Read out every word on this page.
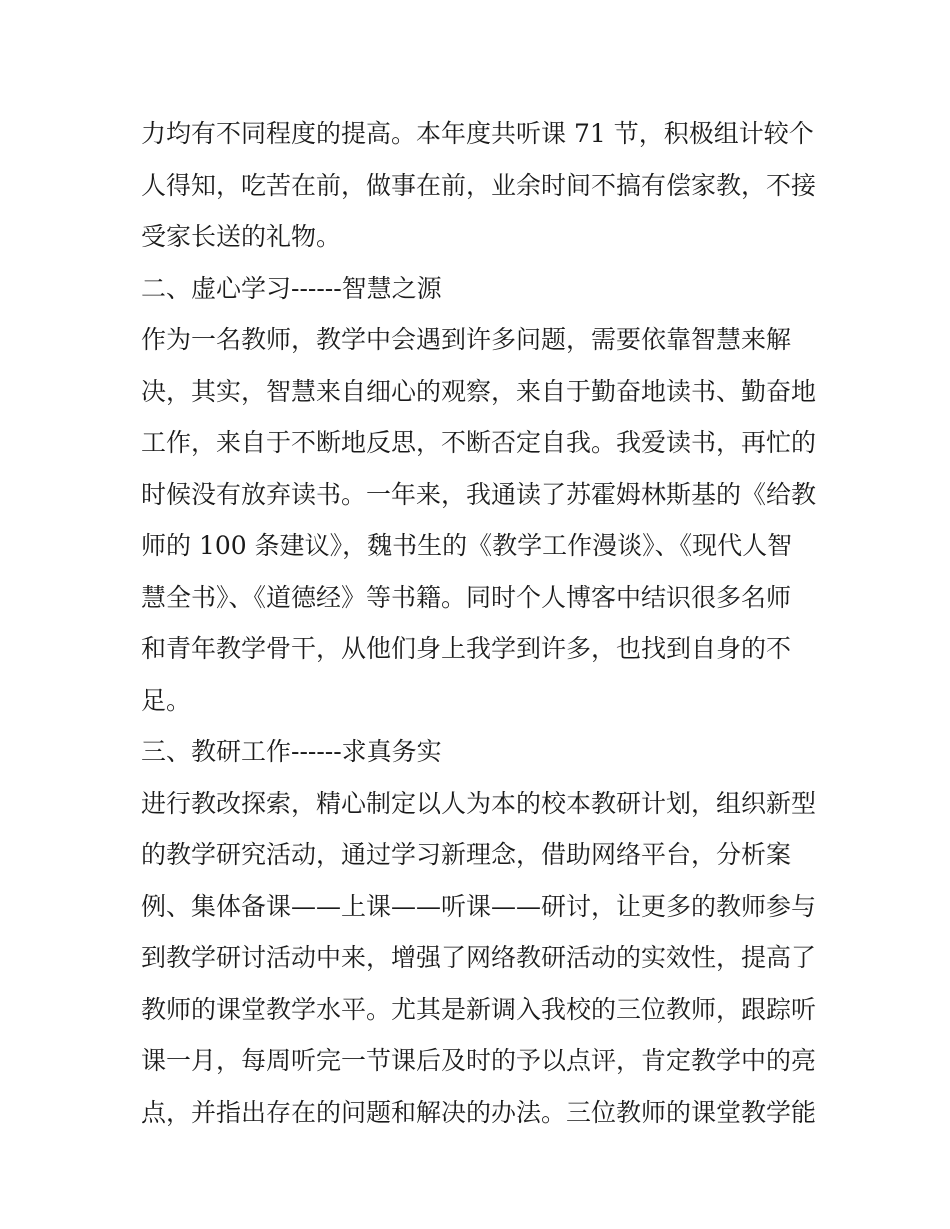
力均有不同程度的提高。本年度共听课 71 节，积极组计较个
人得知，吃苦在前，做事在前，业余时间不搞有偿家教，不接
受家长送的礼物。
二、虚心学习------智慧之源
作为一名教师，教学中会遇到许多问题，需要依靠智慧来解
决，其实，智慧来自细心的观察，来自于勤奋地读书、勤奋地
工作，来自于不断地反思，不断否定自我。我爱读书，再忙的
时候没有放弃读书。一年来，我通读了苏霍姆林斯基的《给教
师的 100 条建议》，魏书生的《教学工作漫谈》、《现代人智
慧全书》、《道德经》等书籍。同时个人博客中结识很多名师
和青年教学骨干，从他们身上我学到许多，也找到自身的不
足。
三、教研工作------求真务实
进行教改探索，精心制定以人为本的校本教研计划，组织新型
的教学研究活动，通过学习新理念，借助网络平台，分析案
例、集体备课——上课——听课——研讨，让更多的教师参与
到教学研讨活动中来，增强了网络教研活动的实效性，提高了
教师的课堂教学水平。尤其是新调入我校的三位教师，跟踪听
课一月，每周听完一节课后及时的予以点评，肯定教学中的亮
点，并指出存在的问题和解决的办法。三位教师的课堂教学能
